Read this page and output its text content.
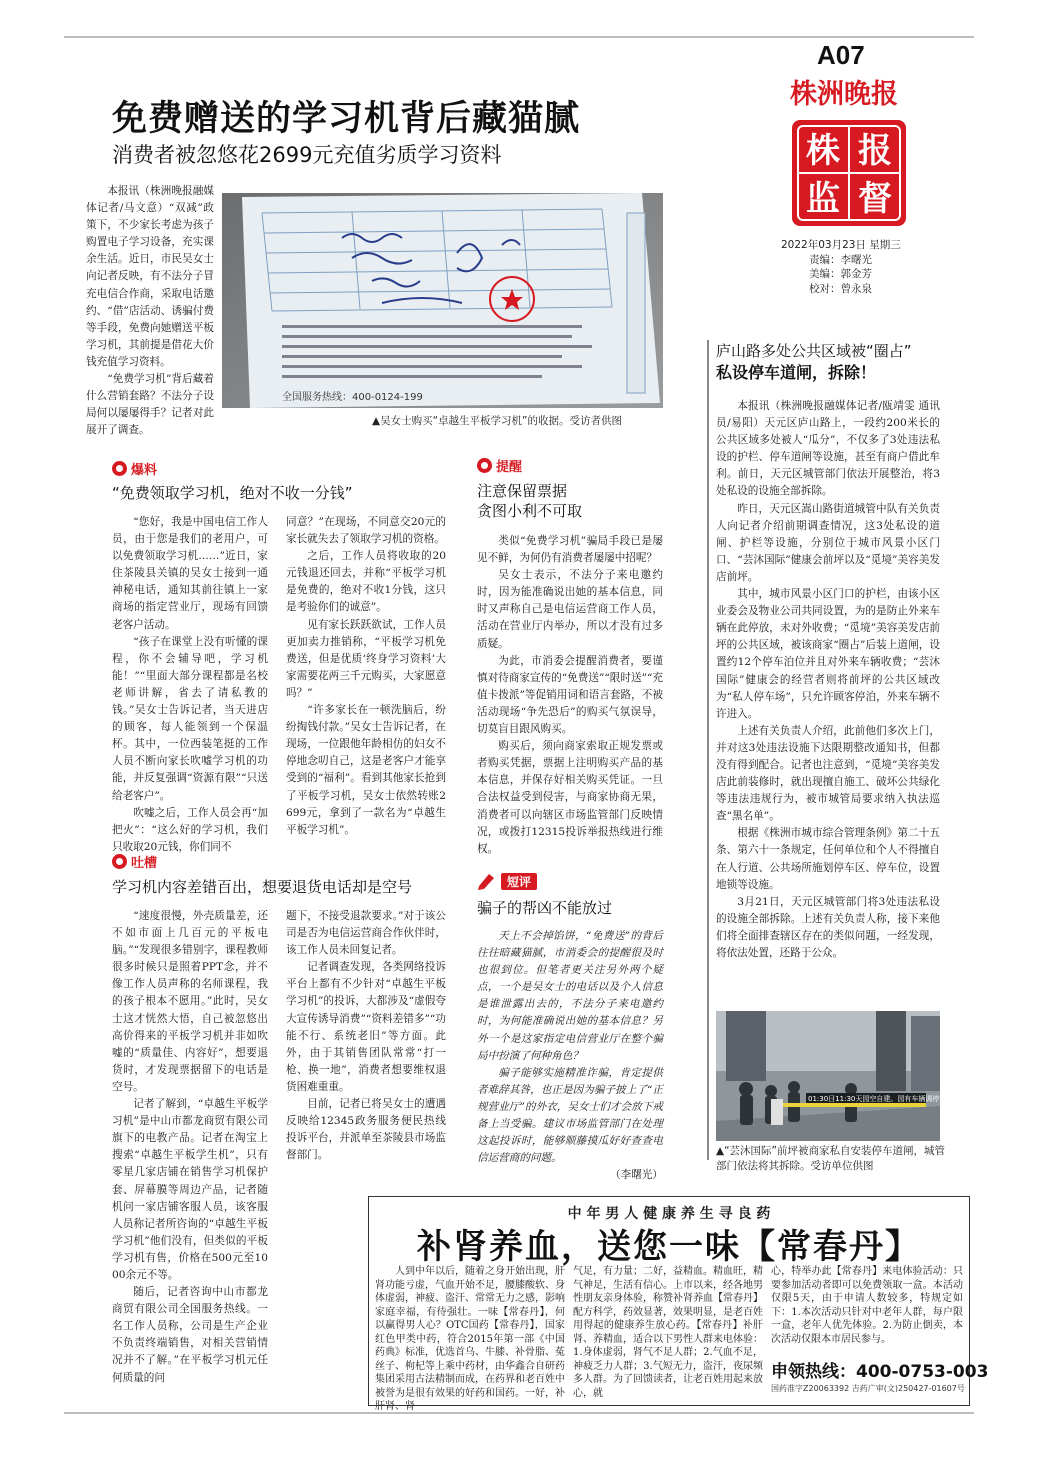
A07
株洲晚报
株 报
监 督
2022年03月23日 星期三
责编：李曙光
美编：郭金芳
校对：曾永泉
免费赠送的学习机背后藏猫腻
消费者被忽悠花2699元充值劣质学习资料

本报讯（株洲晚报融媒体记者/马文意）“双减”政策下，不少家长考虑为孩子购置电子学习设备，充实课余生活。近日，市民吴女士向记者反映，有不法分子冒充电信合作商，采取电话邀约、“借”店活动、诱骗付费等手段，免费向她赠送平板学习机，其前提是借花大价钱充值学习资料。

“免费学习机”背后藏着什么营销套路？不法分子设局何以屡屡得手？记者对此展开了调查。

全国服务热线：400-0124-199
▲吴女士购买“卓越生平板学习机”的收据。受访者供图
爆料
“免费领取学习机，绝对不收一分钱”

“您好，我是中国电信工作人员，由于您是我们的老用户，可以免费领取学习机……”近日，家住茶陵县关镇的吴女士接到一通神秘电话，通知其前往镇上一家商场的指定营业厅，现场有回馈老客户活动。

“孩子在课堂上没有听懂的课程，你不会辅导吧，学习机能！”“里面大部分课程都是名校老师讲解，省去了请私教的钱。”吴女士告诉记者，当天进店的顾客，每人能领到一个保温杯。其中，一位西装笔挺的工作人员不断向家长吹嘘学习机的功能，并反复强调“资源有限”“只送给老客户”。

吹嘘之后，工作人员会再“加把火”：“这么好的学习机，我们只收取20元钱，你们同不

同意？”在现场，不同意交20元的家长就失去了领取学习机的资格。

之后，工作人员将收取的20元钱退还回去，并称“平板学习机是免费的，绝对不收1分钱，这只是考验你们的诚意”。

见有家长跃跃欲试，工作人员更加卖力推销称，“平板学习机免费送，但是优质‘终身学习资料’大家需要花两三千元购买，大家愿意吗？”

“许多家长在一顿洗脑后，纷纷掏钱付款。”吴女士告诉记者，在现场，一位跟他年龄相仿的妇女不停地念叨自己，这是老客户才能享受到的“福利”。看到其他家长抢到了平板学习机，吴女士依然转账2699元，拿到了一款名为“卓越生平板学习机”。

吐槽
学习机内容差错百出，想要退货电话却是空号

“速度很慢，外壳质量差，还不如市面上几百元的平板电脑。”“发现很多错别字，课程教师很多时候只是照着PPT念，并不像工作人员声称的名师课程，我的孩子根本不愿用。”此时，吴女士这才恍然大悟，自己被忽悠出高价得来的平板学习机并非如吹嘘的“质量佳、内容好”，想要退货时，才发现票据留下的电话是空号。

记者了解到，“卓越生平板学习机”是中山市都龙商贸有限公司旗下的电教产品。记者在淘宝上搜索“卓越生平板学生机”，只有零星几家店铺在销售学习机保护套、屏幕膜等周边产品，记者随机问一家店铺客服人员，该客服人员称记者所咨询的“卓越生平板学习机”他们没有，但类似的平板学习机有售，价格在500元至1000余元不等。

随后，记者咨询中山市都龙商贸有限公司全国服务热线。一名工作人员称，公司是生产企业不负责终端销售，对相关营销情况并不了解。”在平板学习机元任何质量的问

题下，不接受退款要求。”对于该公司是否为电信运营商合作伙伴时，该工作人员未回复记者。

记者调查发现，各类网络投诉平台上都有不少针对“卓越生平板学习机”的投诉，大都涉及“虚假夸大宣传诱导消费”“资料差错多”“功能不行、系统老旧”等方面。此外，由于其销售团队常常“打一枪、换一地”，消费者想要维权退货困难重重。

目前，记者已将吴女士的遭遇反映给12345政务服务便民热线投诉平台，并派单至茶陵县市场监督部门。

提醒
注意保留票据
贪图小利不可取

类似“免费学习机”骗局手段已是屡见不鲜，为何仍有消费者屡屡中招呢？

吴女士表示，不法分子来电邀约时，因为能准确说出她的基本信息，同时又声称自己是电信运营商工作人员，活动在营业厅内举办，所以才没有过多质疑。

为此，市消委会提醒消费者，要谨慎对待商家宣传的“免费送”“限时送”“充值卡拨派”等促销用词和语言套路，不被活动现场“争先恐后”的购买气氛误导，切莫盲目跟风购买。

购买后，须向商家索取正规发票或者购买凭据，票据上注明购买产品的基本信息，并保存好相关购买凭证。一旦合法权益受到侵害，与商家协商无果，消费者可以向辖区市场监管部门反映情况，或拨打12315投诉举报热线进行维权。

短评
骗子的帮凶不能放过

天上不会掉馅饼，“免费送”的背后往往暗藏猫腻，市消委会的提醒很及时也很到位。但笔者更关注另外两个疑点，一个是吴女士的电话以及个人信息是谁泄露出去的，不法分子来电邀约时，为何能准确说出她的基本信息？另外一个是这家指定电信营业厅在整个骗局中扮演了何种角色？

骗子能够实施精准诈骗，肯定提供者难辞其咎，也正是因为骗子披上了“正规营业厅”的外衣，吴女士们才会放下戒备上当受骗。建议市场监管部门在处理这起投诉时，能够顺藤摸瓜好好查查电信运营商的问题。

（李曙光）

庐山路多处公共区域被“圈占”
私设停车道闸，拆除！

本报讯（株洲晚报融媒体记者/瓯靖雯 通讯员/易阳）天元区庐山路上，一段约200米长的公共区域多处被人“瓜分”，不仅多了3处违法私设的护栏、停车道闸等设施，甚至有商户借此牟利。前日，天元区城管部门依法开展整治，将3处私设的设施全部拆除。

昨日，天元区嵩山路街道城管中队有关负责人向记者介绍前期调查情况，这3处私设的道闸、护栏等设施，分别位于城市风景小区门口、“芸沐国际”健康会前坪以及“觅境”美容美发店前坪。

其中，城市风景小区门口的护栏，由该小区业委会及物业公司共同设置，为的是防止外来车辆在此停放，未对外收费；“觅境”美容美发店前坪的公共区域，被该商家“圈占”后装上道闸，设置约12个停车泊位并且对外来车辆收费；“芸沐国际”健康会的经营者则将前坪的公共区域改为“私人停车场”，只允许顾客停泊，外来车辆不许进入。

上述有关负责人介绍，此前他们多次上门，并对这3处违法设施下达限期整改通知书，但都没有得到配合。记者也注意到，“觅境”美容美发店此前装修时，就出现擅自施工、破坏公共绿化等违法违规行为，被市城管局要求纳入执法巡查“黑名单”。

根据《株洲市城市综合管理条例》第二十五条、第六十一条规定，任何单位和个人不得擅自在人行道、公共场所施划停车区、停车位，设置地锁等设施。

3月21日，天元区城管部门将3处违法私设的设施全部拆除。上述有关负责人称，接下来他们将全面排查辖区存在的类似问题，一经发现，将依法处置，还路于公众。

01:30日11:30天园空自建。园有车辆调停至我一根
▲“芸沐国际”前坪被商家私自安装停车道闸，城管部门依法将其拆除。受访单位供图
中 年 男 人 健 康 养 生 寻 良 药
补肾养血，送您一味【常春丹】

人到中年以后，随着之身开始出现，肝肾功能亏虚，气血开始不足，腰膝酸软、身体虚弱，神疲、盗汗、常常无力之感，影响家庭幸福，有待强壮。一味【常春丹】，何以赢得男人心？OTC国药【常春丹】，国家红色甲类中药，符合2015年第一部《中国药典》标准，优选首乌、牛膝、补骨脂、菟丝子、枸杞等上乘中药材，由华鑫合自研药集团采用古法精制而成，在药界和老百姓中被誉为是很有效果的好药和国药。一好，补肝肾、肾

气足，有力量；二好，益精血。精血旺，精气神足，生活有信心。上市以来，经各地男性朋友亲身体验，称赞补肾养血【常春丹】配方科学，药效显著，效果明显，是老百姓用得起的健康养生放心药。【常春丹】补肝肾、养精血，适合以下男性人群来电体验：1.身体虚弱，肾气不足人群；2.气血不足，神疲乏力人群；3.气短无力，盗汗，夜尿频多人群。为了回馈读者，让老百姓用起来放心，就

心，特举办此【常春丹】来电体验活动：只要参加活动者即可以免费领取一盒。本活动仅限5天，由于申请人数较多，特规定如下：1.本次活动只针对中老年人群，每户限一盒，老年人优先体验。2.为防止倒卖，本次活动仅限本市居民参与。

申领热线：400-0753-003
国药准字Z20063392 吉药广审(文)250427-01607号
